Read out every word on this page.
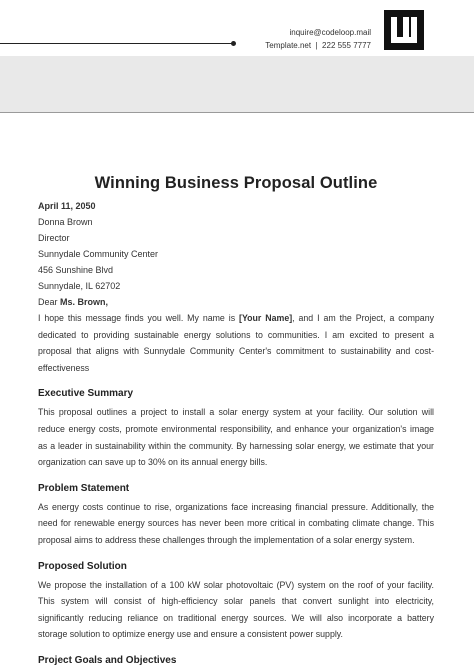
inquire@codeloop.mail
Template.net  |  222 555 7777
Winning Business Proposal Outline
April 11, 2050
Donna Brown
Director
Sunnydale Community Center
456 Sunshine Blvd
Sunnydale, IL 62702
Dear Ms. Brown,

I hope this message finds you well. My name is [Your Name], and I am the Project, a company dedicated to providing sustainable energy solutions to communities. I am excited to present a proposal that aligns with Sunnydale Community Center's commitment to sustainability and cost-effectiveness

Executive Summary

This proposal outlines a project to install a solar energy system at your facility. Our solution will reduce energy costs, promote environmental responsibility, and enhance your organization's image as a leader in sustainability within the community. By harnessing solar energy, we estimate that your organization can save up to 30% on its annual energy bills.

Problem Statement

As energy costs continue to rise, organizations face increasing financial pressure. Additionally, the need for renewable energy sources has never been more critical in combating climate change. This proposal aims to address these challenges through the implementation of a solar energy system.

Proposed Solution

We propose the installation of a 100 kW solar photovoltaic (PV) system on the roof of your facility. This system will consist of high-efficiency solar panels that convert sunlight into electricity, significantly reducing reliance on traditional energy sources. We will also incorporate a battery storage solution to optimize energy use and ensure a consistent power supply.

Project Goals and Objectives
